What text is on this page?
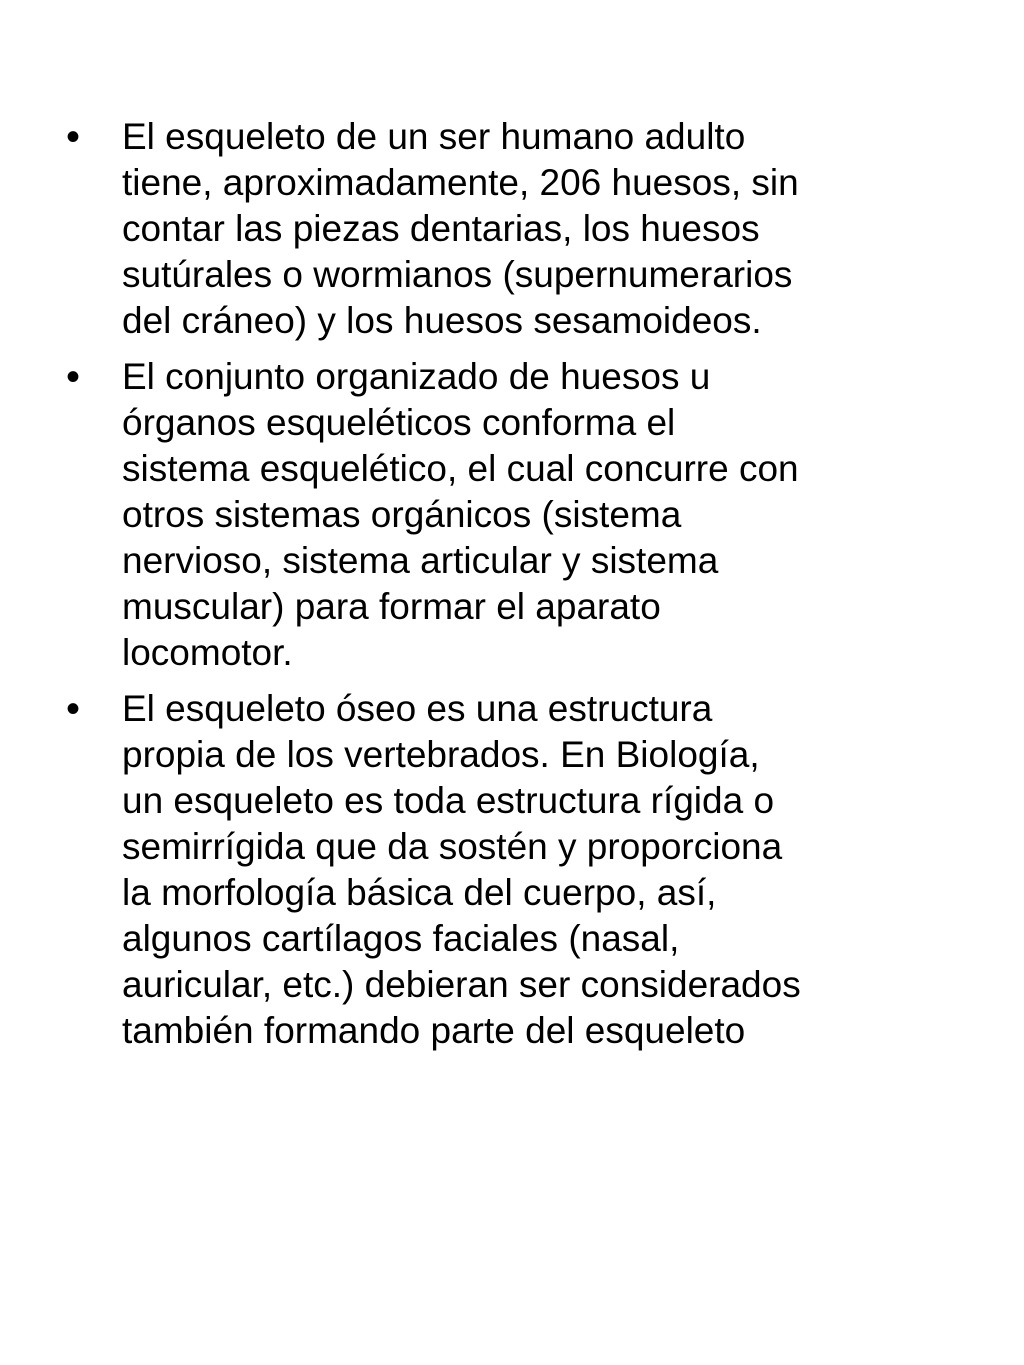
•	El esqueleto de un ser humano adulto
tiene, aproximadamente, 206 huesos, sin
contar las piezas dentarias, los huesos
sutúrales o wormianos (supernumerarios
del cráneo) y los huesos sesamoideos.
•	El conjunto organizado de huesos u
órganos esqueléticos conforma el
sistema esquelético, el cual concurre con
otros sistemas orgánicos (sistema
nervioso, sistema articular y sistema
muscular) para formar el aparato
locomotor.
•	El esqueleto óseo es una estructura
propia de los vertebrados. En Biología,
un esqueleto es toda estructura rígida o
semirrígida que da sostén y proporciona
la morfología básica del cuerpo, así,
algunos cartílagos faciales (nasal,
auricular, etc.) debieran ser considerados
también formando parte del esqueleto
